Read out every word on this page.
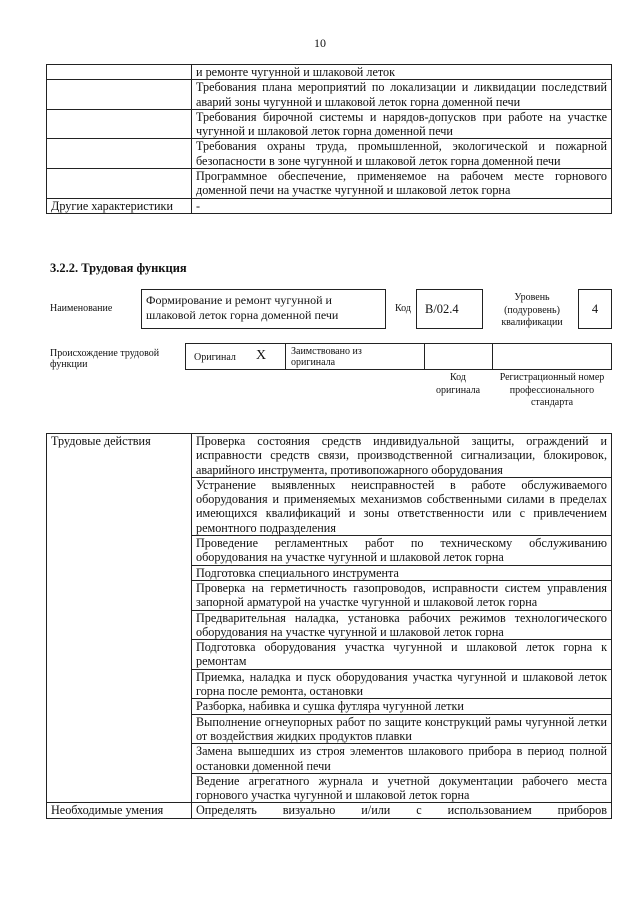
10
	и ремонте чугунной и шлаковой леток
	Требования плана мероприятий по локализации и ликвидации последствий аварий зоны чугунной и шлаковой леток горна доменной печи
	Требования бирочной системы и нарядов-допусков при работе на участке чугунной и шлаковой леток горна доменной печи
	Требования охраны труда, промышленной, экологической и пожарной безопасности в зоне чугунной и шлаковой леток горна доменной печи
	Программное обеспечение, применяемое на рабочем месте горнового доменной печи на участке чугунной и шлаковой леток горна
Другие характеристики	-
3.2.2. Трудовая функция
Наименование
Формирование и ремонт чугунной и шлаковой леток горна доменной печи	Код	B/02.4
Уровень (подуровень) квалификации
4
Происхождение трудовой функции
Оригинал X Заимствовано из оригинала
Код оригинала
Регистрационный номер профессионального стандарта
Трудовые действия	Проверка состояния средств индивидуальной защиты, ограждений и исправности средств связи, производственной сигнализации, блокировок, аварийного инструмента, противопожарного оборудования
	Устранение выявленных неисправностей в работе обслуживаемого оборудования и применяемых механизмов собственными силами в пределах имеющихся квалификаций и зоны ответственности или с привлечением ремонтного подразделения
	Проведение регламентных работ по техническому обслуживанию оборудования на участке чугунной и шлаковой леток горна
	Подготовка специального инструмента
	Проверка на герметичность газопроводов, исправности систем управления запорной арматурой на участке чугунной и шлаковой леток горна
	Предварительная наладка, установка рабочих режимов технологического оборудования на участке чугунной и шлаковой леток горна
	Подготовка оборудования участка чугунной и шлаковой леток горна к ремонтам
	Приемка, наладка и пуск оборудования участка чугунной и шлаковой леток горна после ремонта, остановки
	Разборка, набивка и сушка футляра чугунной летки
	Выполнение огнеупорных работ по защите конструкций рамы чугунной летки от воздействия жидких продуктов плавки
	Замена вышедших из строя элементов шлакового прибора в период полной остановки доменной печи
	Ведение агрегатного журнала и учетной документации рабочего места горнового участка чугунной и шлаковой леток горна
Необходимые умения	Определять визуально и/или с использованием приборов
